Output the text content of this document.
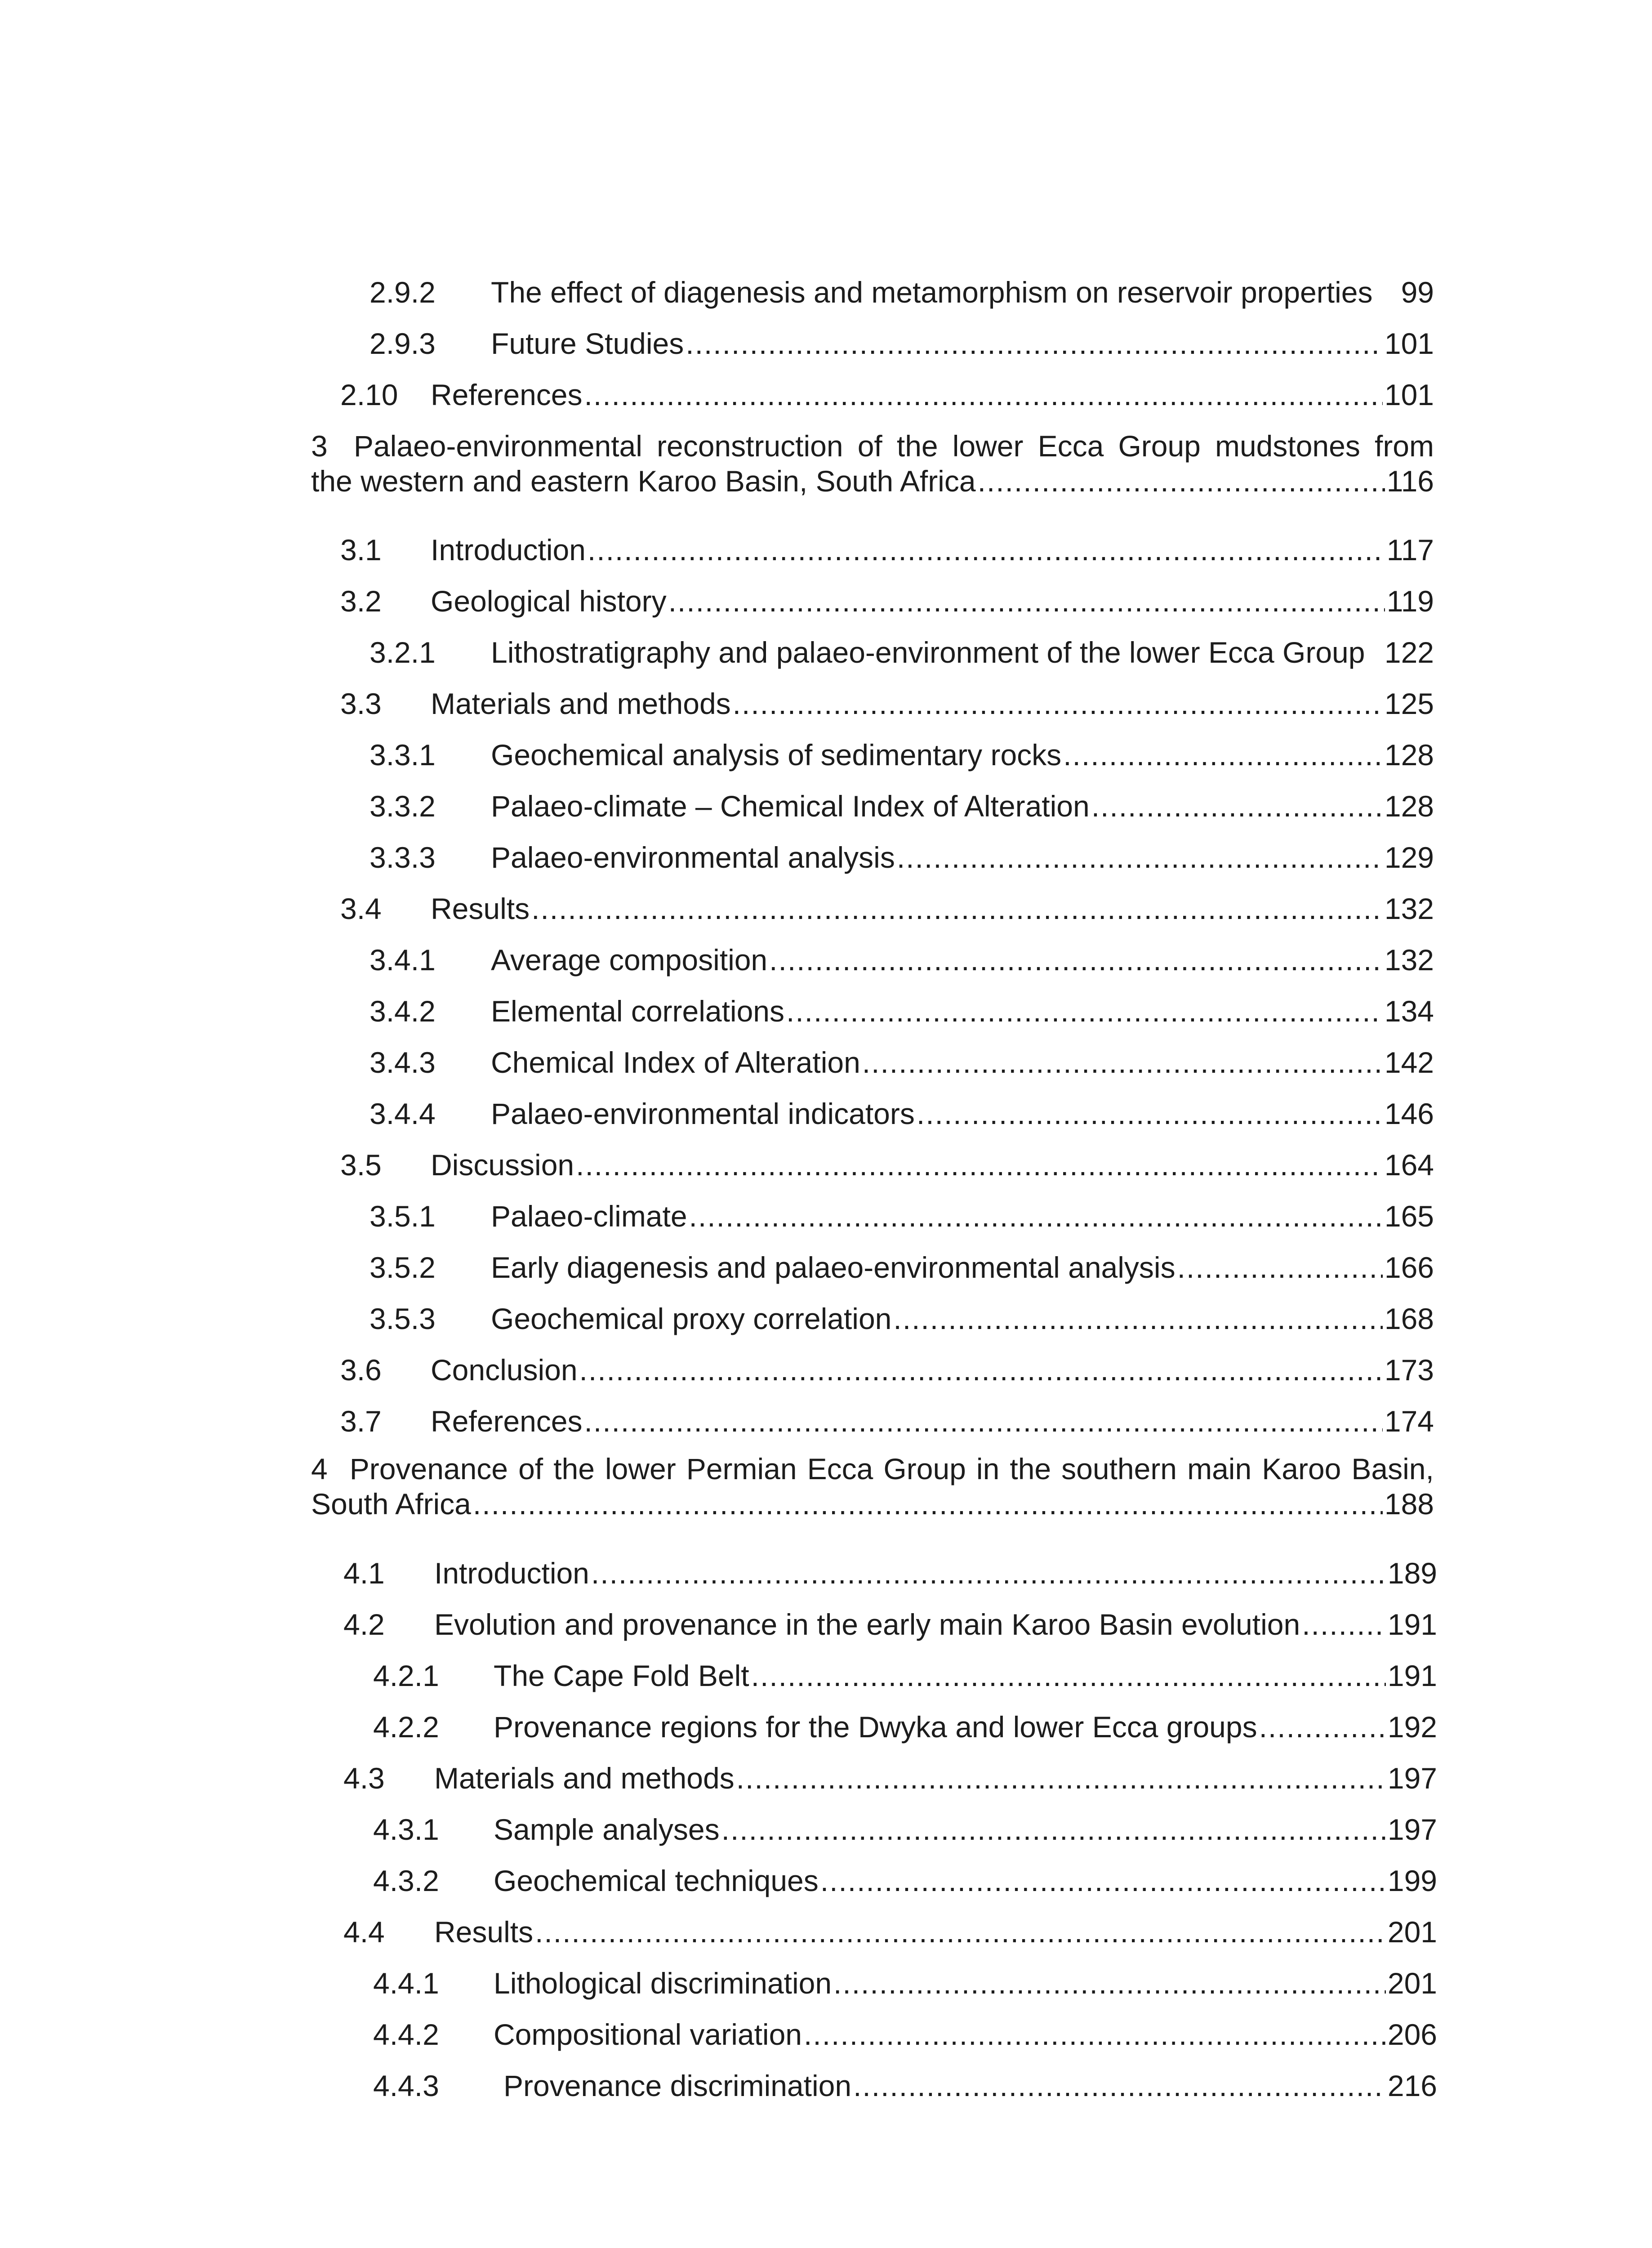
2.9.2 The effect of diagenesis and metamorphism on reservoir properties 99
2.9.3 Future Studies .....	101
2.10 References .....	101
3 Palaeo-environmental reconstruction of the lower Ecca Group mudstones from
the western and eastern Karoo Basin, South Africa .....	116
3.1 Introduction .....	117
3.2 Geological history .....	119
3.2.1 Lithostratigraphy and palaeo-environment of the lower Ecca Group 122
3.3 Materials and methods .....	125
3.3.1 Geochemical analysis of sedimentary rocks .....	128
3.3.2 Palaeo-climate – Chemical Index of Alteration .....	128
3.3.3 Palaeo-environmental analysis .....	129
3.4 Results .....	132
3.4.1 Average composition .....	132
3.4.2 Elemental correlations .....	134
3.4.3 Chemical Index of Alteration .....	142
3.4.4 Palaeo-environmental indicators .....	146
3.5 Discussion .....	164
3.5.1 Palaeo-climate .....	165
3.5.2 Early diagenesis and palaeo-environmental analysis .....	166
3.5.3 Geochemical proxy correlation .....	168
3.6 Conclusion .....	173
3.7 References .....	174
4 Provenance of the lower Permian Ecca Group in the southern main Karoo Basin,
South Africa .....	188
4.1 Introduction .....	189
4.2 Evolution and provenance in the early main Karoo Basin evolution .....	191
4.2.1 The Cape Fold Belt .....	191
4.2.2 Provenance regions for the Dwyka and lower Ecca groups .....	192
4.3 Materials and methods .....	197
4.3.1 Sample analyses .....	197
4.3.2 Geochemical techniques .....	199
4.4 Results .....	201
4.4.1 Lithological discrimination .....	201
4.4.2 Compositional variation .....	206
4.4.3 Provenance discrimination .....	216
